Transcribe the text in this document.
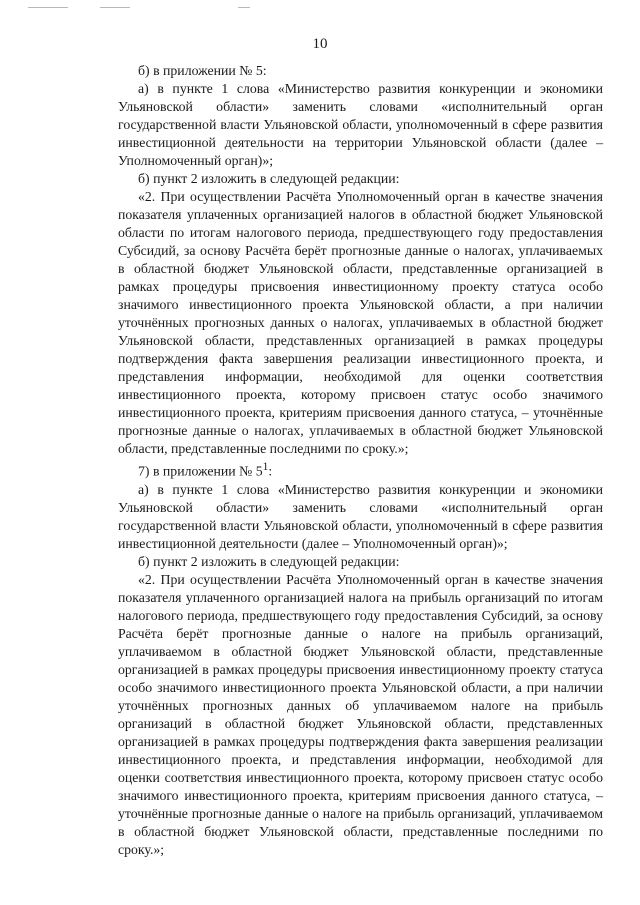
10

б) в приложении № 5:

а) в пункте 1 слова «Министерство развития конкуренции и экономики Ульяновской области» заменить словами «исполнительный орган государственной власти Ульяновской области, уполномоченный в сфере развития инвестиционной деятельности на территории Ульяновской области (далее – Уполномоченный орган)»;

б) пункт 2 изложить в следующей редакции:

«2. При осуществлении Расчёта Уполномоченный орган в качестве значения показателя уплаченных организацией налогов в областной бюджет Ульяновской области по итогам налогового периода, предшествующего году предоставления Субсидий, за основу Расчёта берёт прогнозные данные о налогах, уплачиваемых в областной бюджет Ульяновской области, представленные организацией в рамках процедуры присвоения инвестиционному проекту статуса особо значимого инвестиционного проекта Ульяновской области, а при наличии уточнённых прогнозных данных о налогах, уплачиваемых в областной бюджет Ульяновской области, представленных организацией в рамках процедуры подтверждения факта завершения реализации инвестиционного проекта, и представления информации, необходимой для оценки соответствия инвестиционного проекта, которому присвоен статус особо значимого инвестиционного проекта, критериям присвоения данного статуса, – уточнённые прогнозные данные о налогах, уплачиваемых в областной бюджет Ульяновской области, представленные последними по сроку.»;

7) в приложении № $5^1$:

а) в пункте 1 слова «Министерство развития конкуренции и экономики Ульяновской области» заменить словами «исполнительный орган государственной власти Ульяновской области, уполномоченный в сфере развития инвестиционной деятельности (далее – Уполномоченный орган)»;

б) пункт 2 изложить в следующей редакции:

«2. При осуществлении Расчёта Уполномоченный орган в качестве значения показателя уплаченного организацией налога на прибыль организаций по итогам налогового периода, предшествующего году предоставления Субсидий, за основу Расчёта берёт прогнозные данные о налоге на прибыль организаций, уплачиваемом в областной бюджет Ульяновской области, представленные организацией в рамках процедуры присвоения инвестиционному проекту статуса особо значимого инвестиционного проекта Ульяновской области, а при наличии уточнённых прогнозных данных об уплачиваемом налоге на прибыль организаций в областной бюджет Ульяновской области, представленных организацией в рамках процедуры подтверждения факта завершения реализации инвестиционного проекта, и представления информации, необходимой для оценки соответствия инвестиционного проекта, которому присвоен статус особо значимого инвестиционного проекта, критериям присвоения данного статуса, – уточнённые прогнозные данные о налоге на прибыль организаций, уплачиваемом в областной бюджет Ульяновской области, представленные последними по сроку.»;
